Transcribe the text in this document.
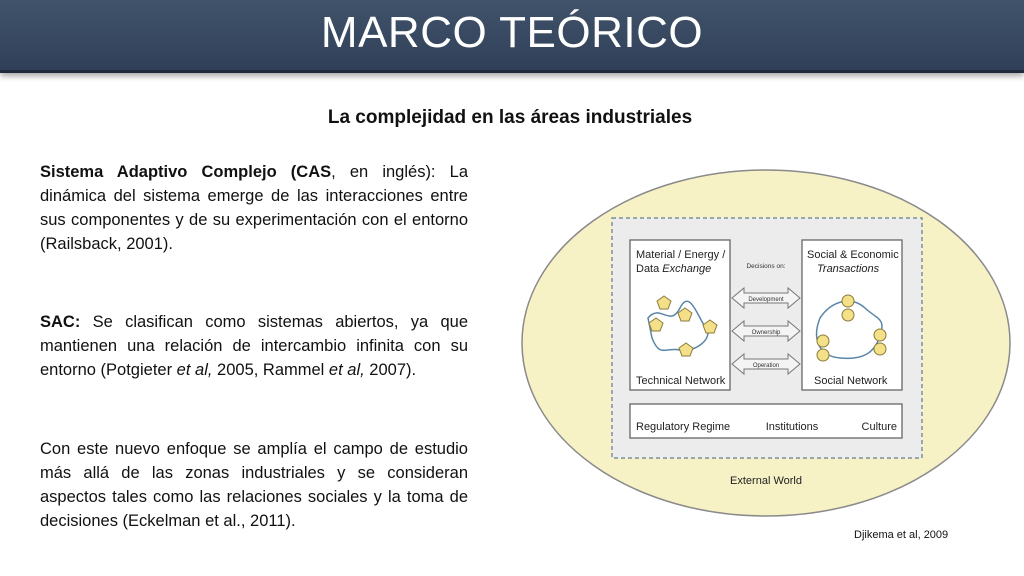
MARCO TEÓRICO
La complejidad en las áreas industriales
Sistema Adaptivo Complejo (CAS, en inglés): La dinámica del sistema emerge de las interacciones entre sus componentes y de su experimentación con el entorno (Railsback, 2001).
SAC: Se clasifican como sistemas abiertos, ya que mantienen una relación de intercambio infinita con su entorno (Potgieter et al, 2005, Rammel et al, 2007).
Con este nuevo enfoque se amplía el campo de estudio más allá de las zonas industriales y se consideran aspectos tales como las relaciones sociales y la toma de decisiones (Eckelman et al., 2011).
Material / Energy /
Data Exchange
Technical Network
Social & Economic
Transactions
Social Network
Decisions on:
Development
Ownership
Operation
Regulatory Regime	Institutions	Culture
External World
Djikema et al, 2009
